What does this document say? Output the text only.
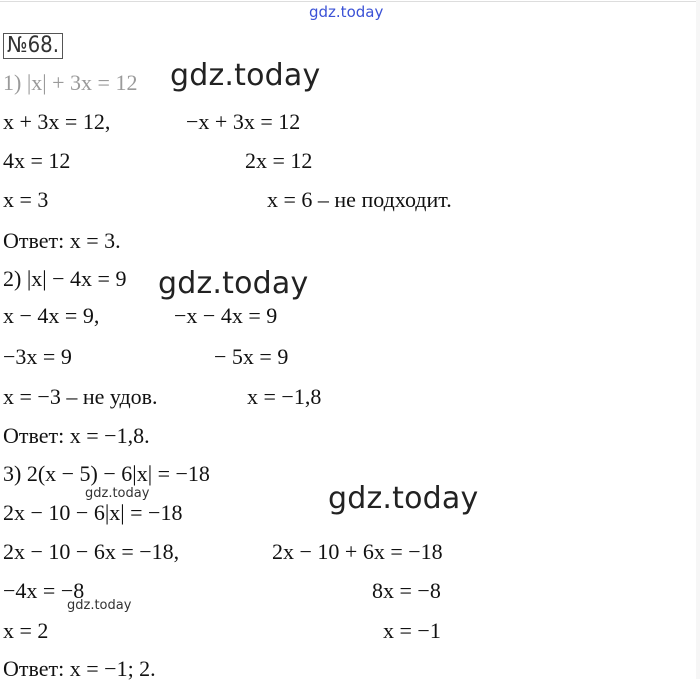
gdz.today
№68.
1) |x| + 3x = 12 gdz.today
x + 3x = 12,	−x + 3x = 12
4x = 12	2x = 12
x = 3	x = 6 – не подходит.
Ответ: x = 3.
2) |x| − 4x = 9 gdz.today
x − 4x = 9,	−x − 4x = 9
−3x = 9	− 5x = 9
x = −3 – не удов.	x = −1,8
Ответ: x = −1,8.
3) 2(x − 5) − 6|x| = −18
gdz.today	gdz.today
2x − 10 − 6|x| = −18
2x − 10 − 6x = −18,	2x − 10 + 6x = −18
−4x = −8	8x = −8
gdz.today
x = 2	x = −1
Ответ: x = −1; 2.
